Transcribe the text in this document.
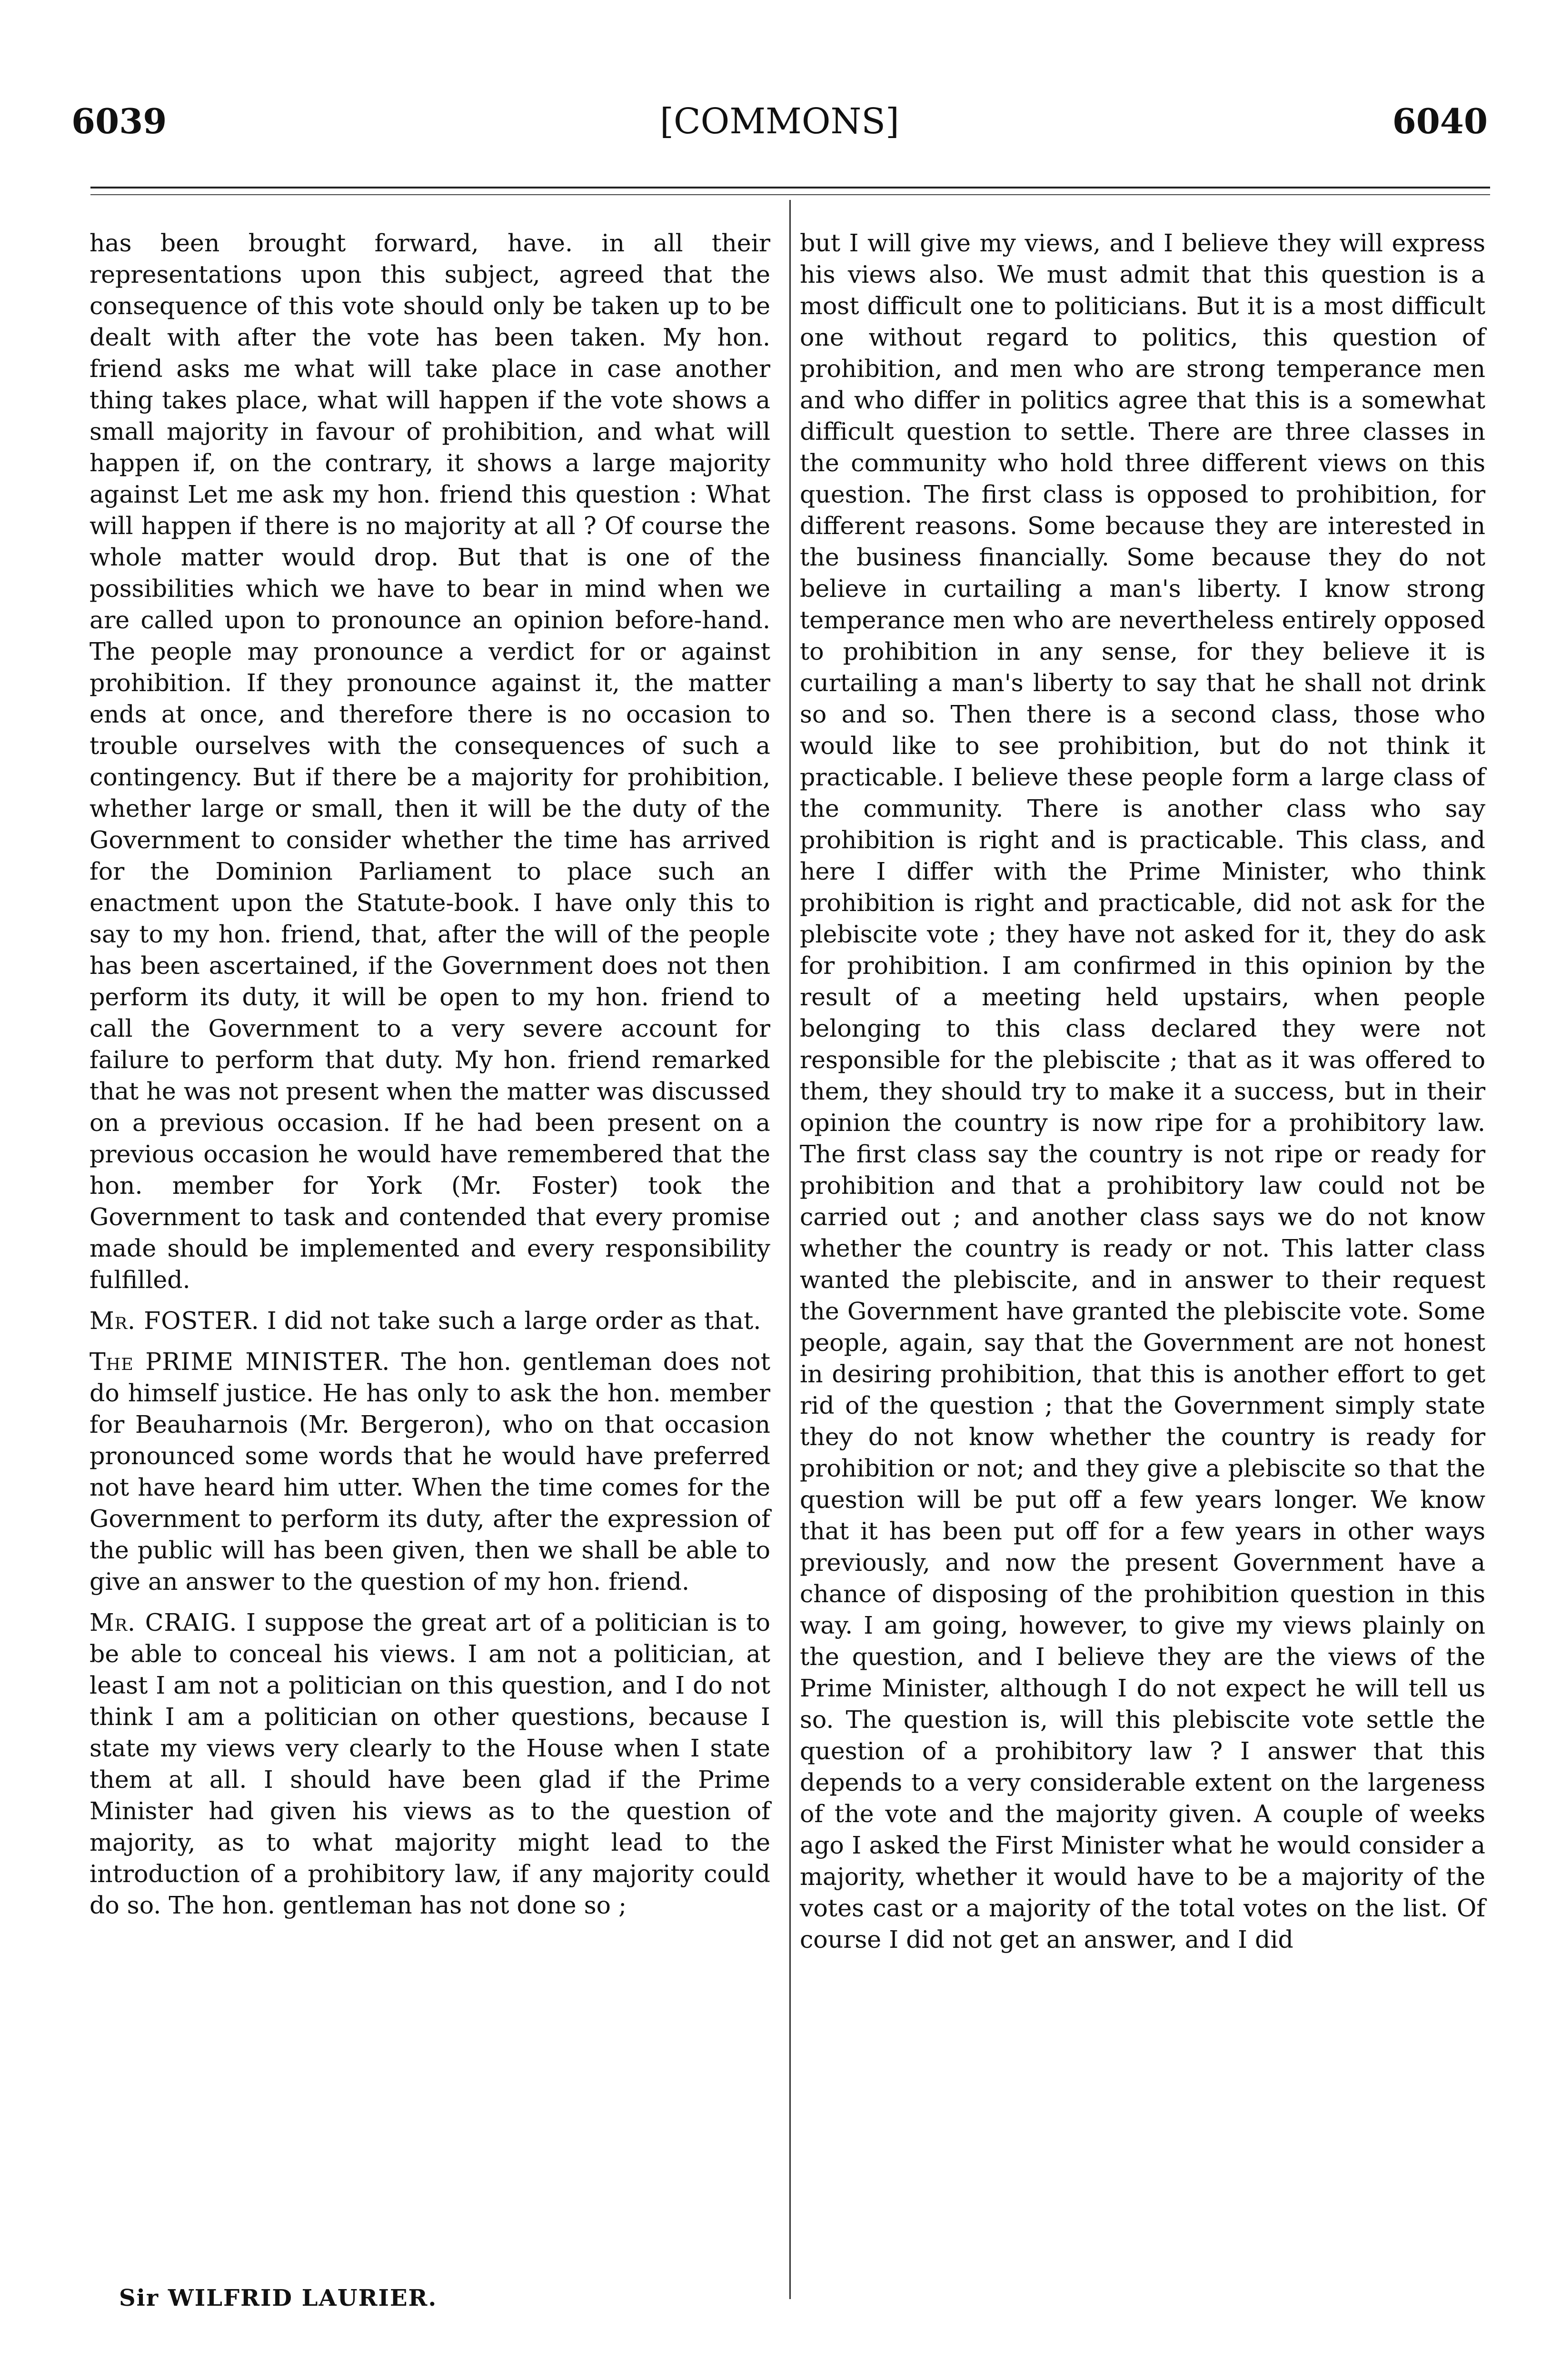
6039	[COMMONS]	6040

has been brought forward, have. in all their representations upon this subject, agreed that the consequence of this vote should only be taken up to be dealt with after the vote has been taken. My hon. friend asks me what will take place in case another thing takes place, what will happen if the vote shows a small majority in favour of prohibition, and what will happen if, on the contrary, it shows a large majority against Let me ask my hon. friend this question : What will happen if there is no majority at all ? Of course the whole matter would drop. But that is one of the possibilities which we have to bear in mind when we are called upon to pronounce an opinion before-hand. The people may pronounce a verdict for or against prohibition. If they pronounce against it, the matter ends at once, and therefore there is no occasion to trouble ourselves with the consequences of such a contingency. But if there be a majority for prohibition, whether large or small, then it will be the duty of the Government to consider whether the time has arrived for the Dominion Parliament to place such an enactment upon the Statute-book. I have only this to say to my hon. friend, that, after the will of the people has been ascertained, if the Government does not then perform its duty, it will be open to my hon. friend to call the Government to a very severe account for failure to perform that duty. My hon. friend remarked that he was not present when the matter was discussed on a previous occasion. If he had been present on a previous occasion he would have remembered that the hon. member for York (Mr. Foster) took the Government to task and contended that every promise made should be implemented and every responsibility fulfilled.

Mr. FOSTER. I did not take such a large order as that.

The PRIME MINISTER. The hon. gentleman does not do himself justice. He has only to ask the hon. member for Beauharnois (Mr. Bergeron), who on that occasion pronounced some words that he would have preferred not have heard him utter. When the time comes for the Government to perform its duty, after the expression of the public will has been given, then we shall be able to give an answer to the question of my hon. friend.

Mr. CRAIG. I suppose the great art of a politician is to be able to conceal his views. I am not a politician, at least I am not a politician on this question, and I do not think I am a politician on other questions, because I state my views very clearly to the House when I state them at all. I should have been glad if the Prime Minister had given his views as to the question of majority, as to what majority might lead to the introduction of a prohibitory law, if any majority could do so. The hon. gentleman has not done so ;

Sir WILFRID LAURIER.

but I will give my views, and I believe they will express his views also. We must admit that this question is a most difficult one to politicians. But it is a most difficult one without regard to politics, this question of prohibition, and men who are strong temperance men and who differ in politics agree that this is a somewhat difficult question to settle. There are three classes in the community who hold three different views on this question. The first class is opposed to prohibition, for different reasons. Some because they are interested in the business financially. Some because they do not believe in curtailing a man's liberty. I know strong temperance men who are nevertheless entirely opposed to prohibition in any sense, for they believe it is curtailing a man's liberty to say that he shall not drink so and so. Then there is a second class, those who would like to see prohibition, but do not think it practicable. I believe these people form a large class of the community. There is another class who say prohibition is right and is practicable. This class, and here I differ with the Prime Minister, who think prohibition is right and practicable, did not ask for the plebiscite vote ; they have not asked for it, they do ask for prohibition. I am confirmed in this opinion by the result of a meeting held upstairs, when people belonging to this class declared they were not responsible for the plebiscite ; that as it was offered to them, they should try to make it a success, but in their opinion the country is now ripe for a prohibitory law. The first class say the country is not ripe or ready for prohibition and that a prohibitory law could not be carried out ; and another class says we do not know whether the country is ready or not. This latter class wanted the plebiscite, and in answer to their request the Government have granted the plebiscite vote. Some people, again, say that the Government are not honest in desiring prohibition, that this is another effort to get rid of the question ; that the Government simply state they do not know whether the country is ready for prohibition or not; and they give a plebiscite so that the question will be put off a few years longer. We know that it has been put off for a few years in other ways previously, and now the present Government have a chance of disposing of the prohibition question in this way. I am going, however, to give my views plainly on the question, and I believe they are the views of the Prime Minister, although I do not expect he will tell us so. The question is, will this plebiscite vote settle the question of a prohibitory law ? I answer that this depends to a very considerable extent on the largeness of the vote and the majority given. A couple of weeks ago I asked the First Minister what he would consider a majority, whether it would have to be a majority of the votes cast or a majority of the total votes on the list. Of course I did not get an answer, and I did
